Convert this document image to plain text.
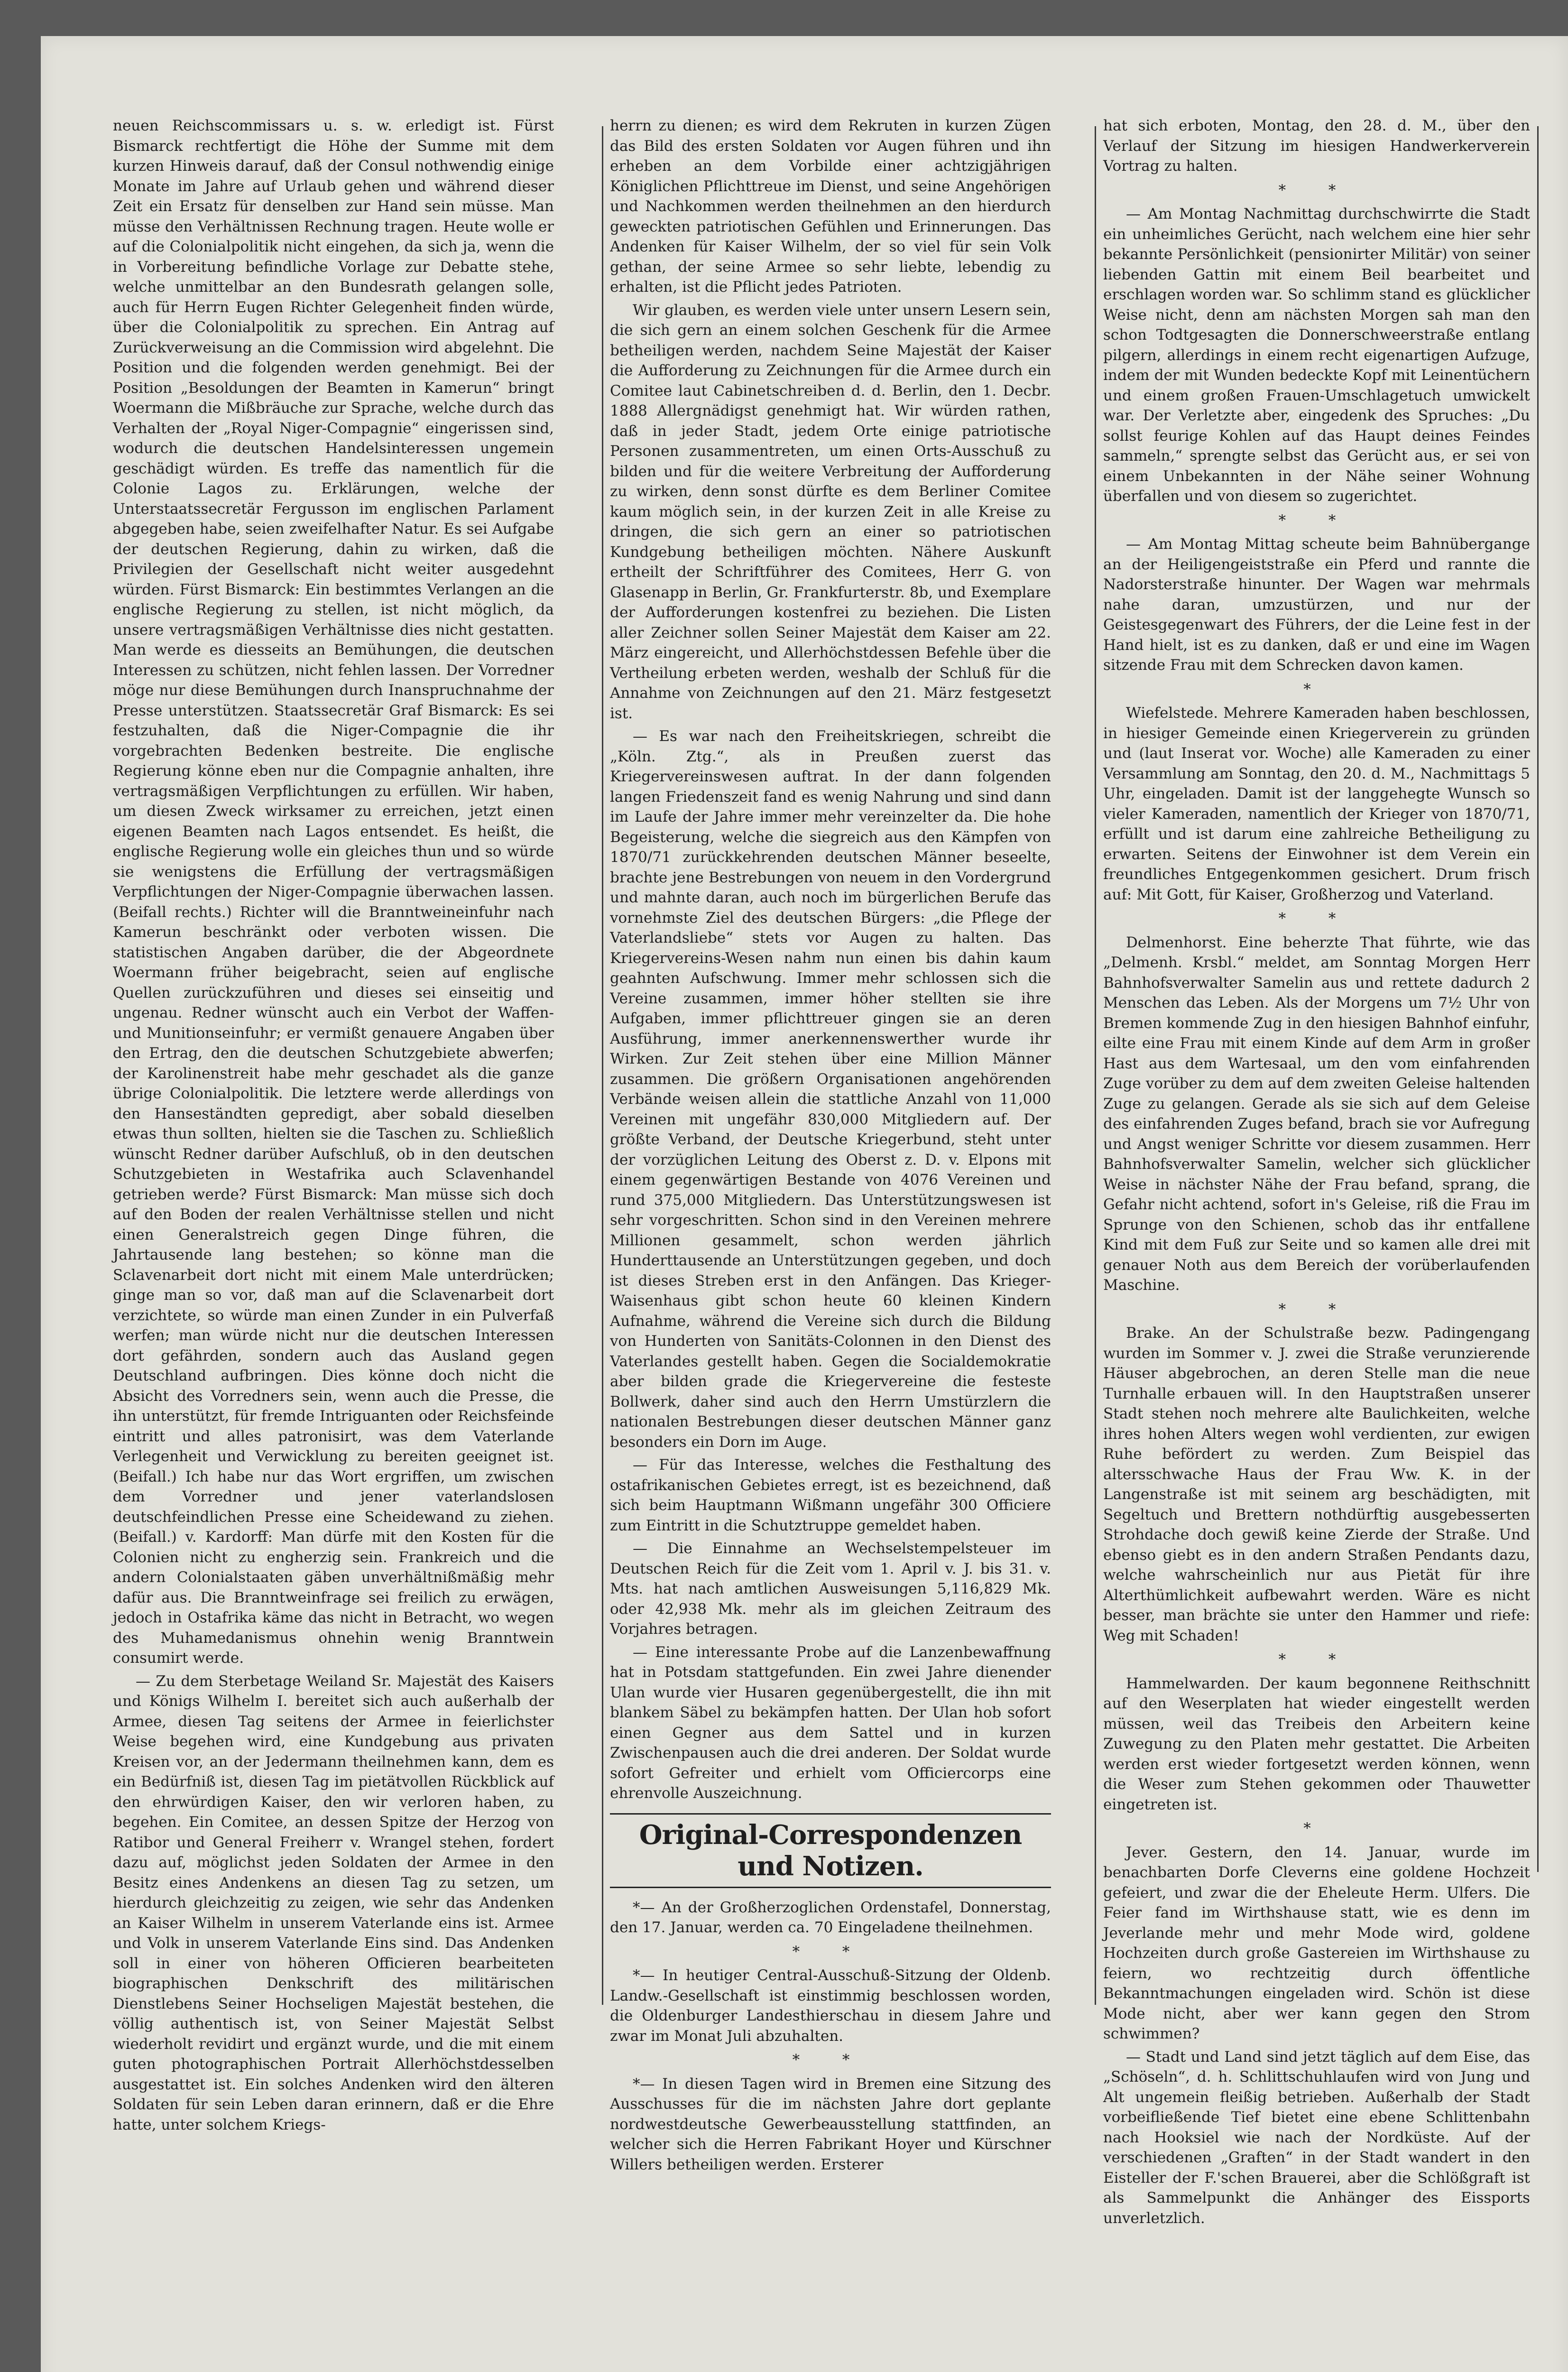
neuen Reichscommissars u. s. w. erledigt ist. Fürst Bismarck rechtfertigt die Höhe der Summe mit dem kurzen Hinweis darauf, daß der Consul nothwendig einige Monate im Jahre auf Urlaub gehen und während dieser Zeit ein Ersatz für denselben zur Hand sein müsse. Man müsse den Verhältnissen Rechnung tragen. Heute wolle er auf die Colonialpolitik nicht eingehen, da sich ja, wenn die in Vorbereitung befindliche Vorlage zur Debatte stehe, welche unmittelbar an den Bundesrath gelangen solle, auch für Herrn Eugen Richter Gelegenheit finden würde, über die Colonialpolitik zu sprechen. Ein Antrag auf Zurückverweisung an die Commission wird abgelehnt. Die Position und die folgenden werden genehmigt. Bei der Position „Besoldungen der Beamten in Kamerun“ bringt Woermann die Mißbräuche zur Sprache, welche durch das Verhalten der „Royal Niger-Compagnie“ eingerissen sind, wodurch die deutschen Handelsinteressen ungemein geschädigt würden. Es treffe das namentlich für die Colonie Lagos zu. Erklärungen, welche der Unterstaatssecretär Fergusson im englischen Parlament abgegeben habe, seien zweifelhafter Natur. Es sei Aufgabe der deutschen Regierung, dahin zu wirken, daß die Privilegien der Gesellschaft nicht weiter ausgedehnt würden. Fürst Bismarck: Ein bestimmtes Verlangen an die englische Regierung zu stellen, ist nicht möglich, da unsere vertragsmäßigen Verhältnisse dies nicht gestatten. Man werde es diesseits an Bemühungen, die deutschen Interessen zu schützen, nicht fehlen lassen. Der Vorredner möge nur diese Bemühungen durch Inanspruchnahme der Presse unterstützen. Staatssecretär Graf Bismarck: Es sei festzuhalten, daß die Niger-Compagnie die ihr vorgebrachten Bedenken bestreite. Die englische Regierung könne eben nur die Compagnie anhalten, ihre vertragsmäßigen Verpflichtungen zu erfüllen. Wir haben, um diesen Zweck wirksamer zu erreichen, jetzt einen eigenen Beamten nach Lagos entsendet. Es heißt, die englische Regierung wolle ein gleiches thun und so würde sie wenigstens die Erfüllung der vertragsmäßigen Verpflichtungen der Niger-Compagnie überwachen lassen. (Beifall rechts.) Richter will die Branntweineinfuhr nach Kamerun beschränkt oder verboten wissen. Die statistischen Angaben darüber, die der Abgeordnete Woermann früher beigebracht, seien auf englische Quellen zurückzuführen und dieses sei einseitig und ungenau. Redner wünscht auch ein Verbot der Waffen- und Munitionseinfuhr; er vermißt genauere Angaben über den Ertrag, den die deutschen Schutzgebiete abwerfen; der Karolinenstreit habe mehr geschadet als die ganze übrige Colonialpolitik. Die letztere werde allerdings von den Hanseständten gepredigt, aber sobald dieselben etwas thun sollten, hielten sie die Taschen zu. Schließlich wünscht Redner darüber Aufschluß, ob in den deutschen Schutzgebieten in Westafrika auch Sclavenhandel getrieben werde? Fürst Bismarck: Man müsse sich doch auf den Boden der realen Verhältnisse stellen und nicht einen Generalstreich gegen Dinge führen, die Jahrtausende lang bestehen; so könne man die Sclavenarbeit dort nicht mit einem Male unterdrücken; ginge man so vor, daß man auf die Sclavenarbeit dort verzichtete, so würde man einen Zunder in ein Pulverfaß werfen; man würde nicht nur die deutschen Interessen dort gefährden, sondern auch das Ausland gegen Deutschland aufbringen. Dies könne doch nicht die Absicht des Vorredners sein, wenn auch die Presse, die ihn unterstützt, für fremde Intriguanten oder Reichsfeinde eintritt und alles patronisirt, was dem Vaterlande Verlegenheit und Verwicklung zu bereiten geeignet ist. (Beifall.) Ich habe nur das Wort ergriffen, um zwischen dem Vorredner und jener vaterlandslosen deutschfeindlichen Presse eine Scheidewand zu ziehen. (Beifall.) v. Kardorff: Man dürfe mit den Kosten für die Colonien nicht zu engherzig sein. Frankreich und die andern Colonialstaaten gäben unverhältnißmäßig mehr dafür aus. Die Branntweinfrage sei freilich zu erwägen, jedoch in Ostafrika käme das nicht in Betracht, wo wegen des Muhamedanismus ohnehin wenig Branntwein consumirt werde.

— Zu dem Sterbetage Weiland Sr. Majestät des Kaisers und Königs Wilhelm I. bereitet sich auch außerhalb der Armee, diesen Tag seitens der Armee in feierlichster Weise begehen wird, eine Kundgebung aus privaten Kreisen vor, an der Jedermann theilnehmen kann, dem es ein Bedürfniß ist, diesen Tag im pietätvollen Rückblick auf den ehrwürdigen Kaiser, den wir verloren haben, zu begehen. Ein Comitee, an dessen Spitze der Herzog von Ratibor und General Freiherr v. Wrangel stehen, fordert dazu auf, möglichst jeden Soldaten der Armee in den Besitz eines Andenkens an diesen Tag zu setzen, um hierdurch gleichzeitig zu zeigen, wie sehr das Andenken an Kaiser Wilhelm in unserem Vaterlande eins ist. Armee und Volk in unserem Vaterlande Eins sind. Das Andenken soll in einer von höheren Officieren bearbeiteten biographischen Denkschrift des militärischen Dienstlebens Seiner Hochseligen Majestät bestehen, die völlig authentisch ist, von Seiner Majestät Selbst wiederholt revidirt und ergänzt wurde, und die mit einem guten photographischen Portrait Allerhöchstdesselben ausgestattet ist. Ein solches Andenken wird den älteren Soldaten für sein Leben daran erinnern, daß er die Ehre hatte, unter solchem Kriegs-

herrn zu dienen; es wird dem Rekruten in kurzen Zügen das Bild des ersten Soldaten vor Augen führen und ihn erheben an dem Vorbilde einer achtzigjährigen Königlichen Pflichttreue im Dienst, und seine Angehörigen und Nachkommen werden theilnehmen an den hierdurch geweckten patriotischen Gefühlen und Erinnerungen. Das Andenken für Kaiser Wilhelm, der so viel für sein Volk gethan, der seine Armee so sehr liebte, lebendig zu erhalten, ist die Pflicht jedes Patrioten.

Wir glauben, es werden viele unter unsern Lesern sein, die sich gern an einem solchen Geschenk für die Armee betheiligen werden, nachdem Seine Majestät der Kaiser die Aufforderung zu Zeichnungen für die Armee durch ein Comitee laut Cabinetschreiben d. d. Berlin, den 1. Decbr. 1888 Allergnädigst genehmigt hat. Wir würden rathen, daß in jeder Stadt, jedem Orte einige patriotische Personen zusammentreten, um einen Orts-Ausschuß zu bilden und für die weitere Verbreitung der Aufforderung zu wirken, denn sonst dürfte es dem Berliner Comitee kaum möglich sein, in der kurzen Zeit in alle Kreise zu dringen, die sich gern an einer so patriotischen Kundgebung betheiligen möchten. Nähere Auskunft ertheilt der Schriftführer des Comitees, Herr G. von Glasenapp in Berlin, Gr. Frankfurterstr. 8b, und Exemplare der Aufforderungen kostenfrei zu beziehen. Die Listen aller Zeichner sollen Seiner Majestät dem Kaiser am 22. März eingereicht, und Allerhöchstdessen Befehle über die Vertheilung erbeten werden, weshalb der Schluß für die Annahme von Zeichnungen auf den 21. März festgesetzt ist.

— Es war nach den Freiheitskriegen, schreibt die „Köln. Ztg.“, als in Preußen zuerst das Kriegervereinswesen auftrat. In der dann folgenden langen Friedenszeit fand es wenig Nahrung und sind dann im Laufe der Jahre immer mehr vereinzelter da. Die hohe Begeisterung, welche die siegreich aus den Kämpfen von 1870/71 zurückkehrenden deutschen Männer beseelte, brachte jene Bestrebungen von neuem in den Vordergrund und mahnte daran, auch noch im bürgerlichen Berufe das vornehmste Ziel des deutschen Bürgers: „die Pflege der Vaterlandsliebe“ stets vor Augen zu halten. Das Kriegervereins-Wesen nahm nun einen bis dahin kaum geahnten Aufschwung. Immer mehr schlossen sich die Vereine zusammen, immer höher stellten sie ihre Aufgaben, immer pflichttreuer gingen sie an deren Ausführung, immer anerkennenswerther wurde ihr Wirken. Zur Zeit stehen über eine Million Männer zusammen. Die größern Organisationen angehörenden Verbände weisen allein die stattliche Anzahl von 11,000 Vereinen mit ungefähr 830,000 Mitgliedern auf. Der größte Verband, der Deutsche Kriegerbund, steht unter der vorzüglichen Leitung des Oberst z. D. v. Elpons mit einem gegenwärtigen Bestande von 4076 Vereinen und rund 375,000 Mitgliedern. Das Unterstützungswesen ist sehr vorgeschritten. Schon sind in den Vereinen mehrere Millionen gesammelt, schon werden jährlich Hunderttausende an Unterstützungen gegeben, und doch ist dieses Streben erst in den Anfängen. Das Krieger-Waisenhaus gibt schon heute 60 kleinen Kindern Aufnahme, während die Vereine sich durch die Bildung von Hunderten von Sanitäts-Colonnen in den Dienst des Vaterlandes gestellt haben. Gegen die Socialdemokratie aber bilden grade die Kriegervereine die festeste Bollwerk, daher sind auch den Herrn Umstürzlern die nationalen Bestrebungen dieser deutschen Männer ganz besonders ein Dorn im Auge.

— Für das Interesse, welches die Festhaltung des ostafrikanischen Gebietes erregt, ist es bezeichnend, daß sich beim Hauptmann Wißmann ungefähr 300 Officiere zum Eintritt in die Schutztruppe gemeldet haben.

— Die Einnahme an Wechselstempelsteuer im Deutschen Reich für die Zeit vom 1. April v. J. bis 31. v. Mts. hat nach amtlichen Ausweisungen 5,116,829 Mk. oder 42,938 Mk. mehr als im gleichen Zeitraum des Vorjahres betragen.

— Eine interessante Probe auf die Lanzenbewaffnung hat in Potsdam stattgefunden. Ein zwei Jahre dienender Ulan wurde vier Husaren gegenübergestellt, die ihn mit blankem Säbel zu bekämpfen hatten. Der Ulan hob sofort einen Gegner aus dem Sattel und in kurzen Zwischenpausen auch die drei anderen. Der Soldat wurde sofort Gefreiter und erhielt vom Officiercorps eine ehrenvolle Auszeichnung.

Original-Correspondenzen und Notizen.

*— An der Großherzoglichen Ordenstafel, Donnerstag, den 17. Januar, werden ca. 70 Eingeladene theilnehmen.

* *

*— In heutiger Central-Ausschuß-Sitzung der Oldenb. Landw.-Gesellschaft ist einstimmig beschlossen worden, die Oldenburger Landesthierschau in diesem Jahre und zwar im Monat Juli abzuhalten.

* *

*— In diesen Tagen wird in Bremen eine Sitzung des Ausschusses für die im nächsten Jahre dort geplante nordwestdeutsche Gewerbeausstellung stattfinden, an welcher sich die Herren Fabrikant Hoyer und Kürschner Willers betheiligen werden. Ersterer

hat sich erboten, Montag, den 28. d. M., über den Verlauf der Sitzung im hiesigen Handwerkerverein Vortrag zu halten.

* *

— Am Montag Nachmittag durchschwirrte die Stadt ein unheimliches Gerücht, nach welchem eine hier sehr bekannte Persönlichkeit (pensionirter Militär) von seiner liebenden Gattin mit einem Beil bearbeitet und erschlagen worden war. So schlimm stand es glücklicher Weise nicht, denn am nächsten Morgen sah man den schon Todtgesagten die Donnerschweerstraße entlang pilgern, allerdings in einem recht eigenartigen Aufzuge, indem der mit Wunden bedeckte Kopf mit Leinentüchern und einem großen Frauen-Umschlagetuch umwickelt war. Der Verletzte aber, eingedenk des Spruches: „Du sollst feurige Kohlen auf das Haupt deines Feindes sammeln,“ sprengte selbst das Gerücht aus, er sei von einem Unbekannten in der Nähe seiner Wohnung überfallen und von diesem so zugerichtet.

* *

— Am Montag Mittag scheute beim Bahnübergange an der Heiligengeiststraße ein Pferd und rannte die Nadorsterstraße hinunter. Der Wagen war mehrmals nahe daran, umzustürzen, und nur der Geistesgegenwart des Führers, der die Leine fest in der Hand hielt, ist es zu danken, daß er und eine im Wagen sitzende Frau mit dem Schrecken davon kamen.

*

Wiefelstede. Mehrere Kameraden haben beschlossen, in hiesiger Gemeinde einen Kriegerverein zu gründen und (laut Inserat vor. Woche) alle Kameraden zu einer Versammlung am Sonntag, den 20. d. M., Nachmittags 5 Uhr, eingeladen. Damit ist der langgehegte Wunsch so vieler Kameraden, namentlich der Krieger von 1870/71, erfüllt und ist darum eine zahlreiche Betheiligung zu erwarten. Seitens der Einwohner ist dem Verein ein freundliches Entgegenkommen gesichert. Drum frisch auf: Mit Gott, für Kaiser, Großherzog und Vaterland.

* *

Delmenhorst. Eine beherzte That führte, wie das „Delmenh. Krsbl.“ meldet, am Sonntag Morgen Herr Bahnhofsverwalter Samelin aus und rettete dadurch 2 Menschen das Leben. Als der Morgens um 7½ Uhr von Bremen kommende Zug in den hiesigen Bahnhof einfuhr, eilte eine Frau mit einem Kinde auf dem Arm in großer Hast aus dem Wartesaal, um den vom einfahrenden Zuge vorüber zu dem auf dem zweiten Geleise haltenden Zuge zu gelangen. Gerade als sie sich auf dem Geleise des einfahrenden Zuges befand, brach sie vor Aufregung und Angst weniger Schritte vor diesem zusammen. Herr Bahnhofsverwalter Samelin, welcher sich glücklicher Weise in nächster Nähe der Frau befand, sprang, die Gefahr nicht achtend, sofort in's Geleise, riß die Frau im Sprunge von den Schienen, schob das ihr entfallene Kind mit dem Fuß zur Seite und so kamen alle drei mit genauer Noth aus dem Bereich der vorüberlaufenden Maschine.

* *

Brake. An der Schulstraße bezw. Padingengang wurden im Sommer v. J. zwei die Straße verunzierende Häuser abgebrochen, an deren Stelle man die neue Turnhalle erbauen will. In den Hauptstraßen unserer Stadt stehen noch mehrere alte Baulichkeiten, welche ihres hohen Alters wegen wohl verdienten, zur ewigen Ruhe befördert zu werden. Zum Beispiel das altersschwache Haus der Frau Ww. K. in der Langenstraße ist mit seinem arg beschädigten, mit Segeltuch und Brettern nothdürftig ausgebesserten Strohdache doch gewiß keine Zierde der Straße. Und ebenso giebt es in den andern Straßen Pendants dazu, welche wahrscheinlich nur aus Pietät für ihre Alterthümlichkeit aufbewahrt werden. Wäre es nicht besser, man brächte sie unter den Hammer und riefe: Weg mit Schaden!

* *

Hammelwarden. Der kaum begonnene Reithschnitt auf den Weserplaten hat wieder eingestellt werden müssen, weil das Treibeis den Arbeitern keine Zuwegung zu den Platen mehr gestattet. Die Arbeiten werden erst wieder fortgesetzt werden können, wenn die Weser zum Stehen gekommen oder Thauwetter eingetreten ist.

*

Jever. Gestern, den 14. Januar, wurde im benachbarten Dorfe Cleverns eine goldene Hochzeit gefeiert, und zwar die der Eheleute Herm. Ulfers. Die Feier fand im Wirthshause statt, wie es denn im Jeverlande mehr und mehr Mode wird, goldene Hochzeiten durch große Gastereien im Wirthshause zu feiern, wo rechtzeitig durch öffentliche Bekanntmachungen eingeladen wird. Schön ist diese Mode nicht, aber wer kann gegen den Strom schwimmen?

— Stadt und Land sind jetzt täglich auf dem Eise, das „Schöseln“, d. h. Schlittschuhlaufen wird von Jung und Alt ungemein fleißig betrieben. Außerhalb der Stadt vorbeifließende Tief bietet eine ebene Schlittenbahn nach Hooksiel wie nach der Nordküste. Auf der verschiedenen „Graften“ in der Stadt wandert in den Eisteller der F.'schen Brauerei, aber die Schlößgraft ist als Sammelpunkt die Anhänger des Eissports unverletzlich.
